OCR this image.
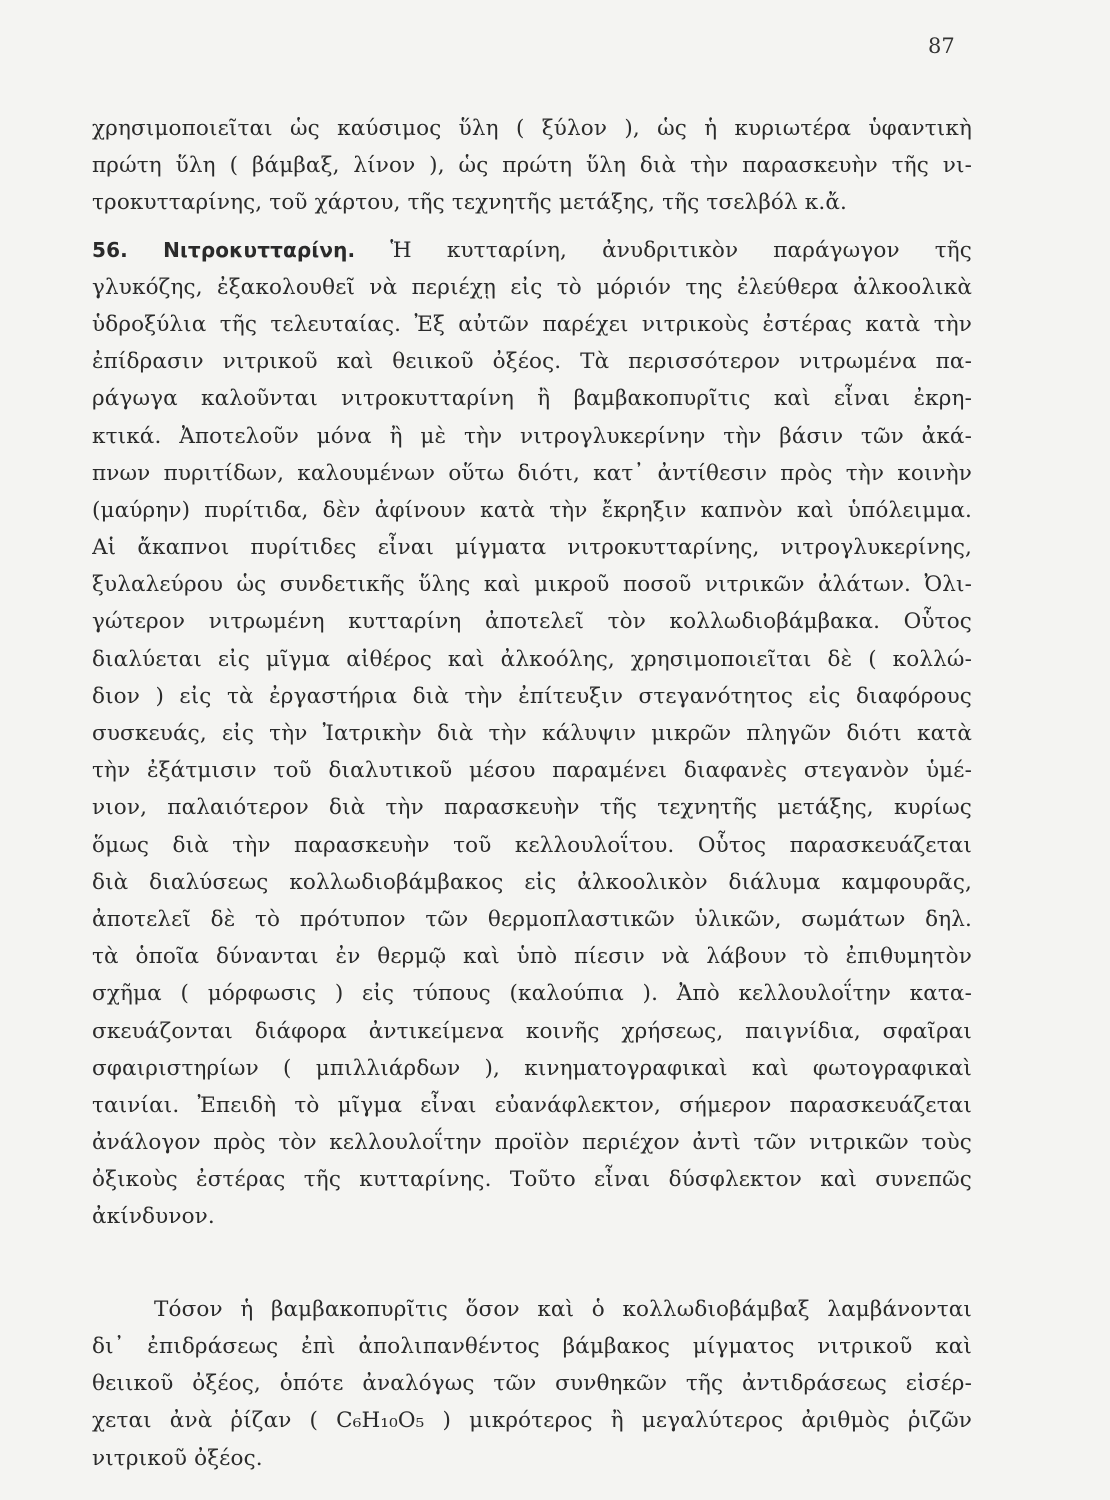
87
χρησιμοποιεῖται ὡς καύσιμος ὕλη ( ξύλον ), ὡς ἡ κυριωτέρα ὑφαντικὴ
πρώτη ὕλη ( βάμβαξ, λίνον ), ὡς πρώτη ὕλη διὰ τὴν παρασκευὴν τῆς νι-
τροκυτταρίνης, τοῦ χάρτου, τῆς τεχνητῆς μετάξης, τῆς τσελβόλ κ.ἄ.
56. Νιτροκυτταρίνη. Ἡ κυτταρίνη, ἀνυδριτικὸν παράγωγον τῆς
γλυκόζης, ἐξακολουθεῖ νὰ περιέχῃ εἰς τὸ μόριόν της ἐλεύθερα ἀλκοολικὰ
ὑδροξύλια τῆς τελευταίας. Ἐξ αὐτῶν παρέχει νιτρικοὺς ἐστέρας κατὰ τὴν
ἐπίδρασιν νιτρικοῦ καὶ θειικοῦ ὀξέος. Τὰ περισσότερον νιτρωμένα πα-
ράγωγα καλοῦνται νιτροκυτταρίνη ἢ βαμβακοπυρῖτις καὶ εἶναι ἐκρη-
κτικά. Ἀποτελοῦν μόνα ἢ μὲ τὴν νιτρογλυκερίνην τὴν βάσιν τῶν ἀκά-
πνων πυριτίδων, καλουμένων οὕτω διότι, κατ᾽ ἀντίθεσιν πρὸς τὴν κοινὴν
(μαύρην) πυρίτιδα, δὲν ἀφίνουν κατὰ τὴν ἔκρηξιν καπνὸν καὶ ὑπόλειμμα.
Αἱ ἄκαπνοι πυρίτιδες εἶναι μίγματα νιτροκυτταρίνης, νιτρογλυκερίνης,
ξυλαλεύρου ὡς συνδετικῆς ὕλης καὶ μικροῦ ποσοῦ νιτρικῶν ἀλάτων. Ὀλι-
γώτερον νιτρωμένη κυτταρίνη ἀποτελεῖ τὸν κολλωδιοβάμβακα. Οὗτος
διαλύεται εἰς μῖγμα αἰθέρος καὶ ἀλκοόλης, χρησιμοποιεῖται δὲ ( κολλώ-
διον ) εἰς τὰ ἐργαστήρια διὰ τὴν ἐπίτευξιν στεγανότητος εἰς διαφόρους
συσκευάς, εἰς τὴν Ἰατρικὴν διὰ τὴν κάλυψιν μικρῶν πληγῶν διότι κατὰ
τὴν ἐξάτμισιν τοῦ διαλυτικοῦ μέσου παραμένει διαφανὲς στεγανὸν ὑμέ-
νιον, παλαιότερον διὰ τὴν παρασκευὴν τῆς τεχνητῆς μετάξης, κυρίως
ὅμως διὰ τὴν παρασκευὴν τοῦ κελλουλοΐτου. Οὗτος παρασκευάζεται
διὰ διαλύσεως κολλωδιοβάμβακος εἰς ἀλκοολικὸν διάλυμα καμφουρᾶς,
ἀποτελεῖ δὲ τὸ πρότυπον τῶν θερμοπλαστικῶν ὑλικῶν, σωμάτων δηλ.
τὰ ὁποῖα δύνανται ἐν θερμῷ καὶ ὑπὸ πίεσιν νὰ λάβουν τὸ ἐπιθυμητὸν
σχῆμα ( μόρφωσις ) εἰς τύπους (καλούπια ). Ἀπὸ κελλουλοΐτην κατα-
σκευάζονται διάφορα ἀντικείμενα κοινῆς χρήσεως, παιγνίδια, σφαῖραι
σφαιριστηρίων ( μπιλλιάρδων ), κινηματογραφικαὶ καὶ φωτογραφικαὶ
ταινίαι. Ἐπειδὴ τὸ μῖγμα εἶναι εὐανάφλεκτον, σήμερον παρασκευάζεται
ἀνάλογον πρὸς τὸν κελλουλοΐτην προϊὸν περιέχον ἀντὶ τῶν νιτρικῶν τοὺς
ὀξικοὺς ἐστέρας τῆς κυτταρίνης. Τοῦτο εἶναι δύσφλεκτον καὶ συνεπῶς
ἀκίνδυνον.
Τόσον ἡ βαμβακοπυρῖτις ὅσον καὶ ὁ κολλωδιοβάμβαξ λαμβάνονται
δι᾽ ἐπιδράσεως ἐπὶ ἀπολιπανθέντος βάμβακος μίγματος νιτρικοῦ καὶ
θειικοῦ ὀξέος, ὁπότε ἀναλόγως τῶν συνθηκῶν τῆς ἀντιδράσεως εἰσέρ-
χεται ἀνὰ ῥίζαν ( C₆H₁₀O₅ ) μικρότερος ἢ μεγαλύτερος ἀριθμὸς ῥιζῶν
νιτρικοῦ ὀξέος.
